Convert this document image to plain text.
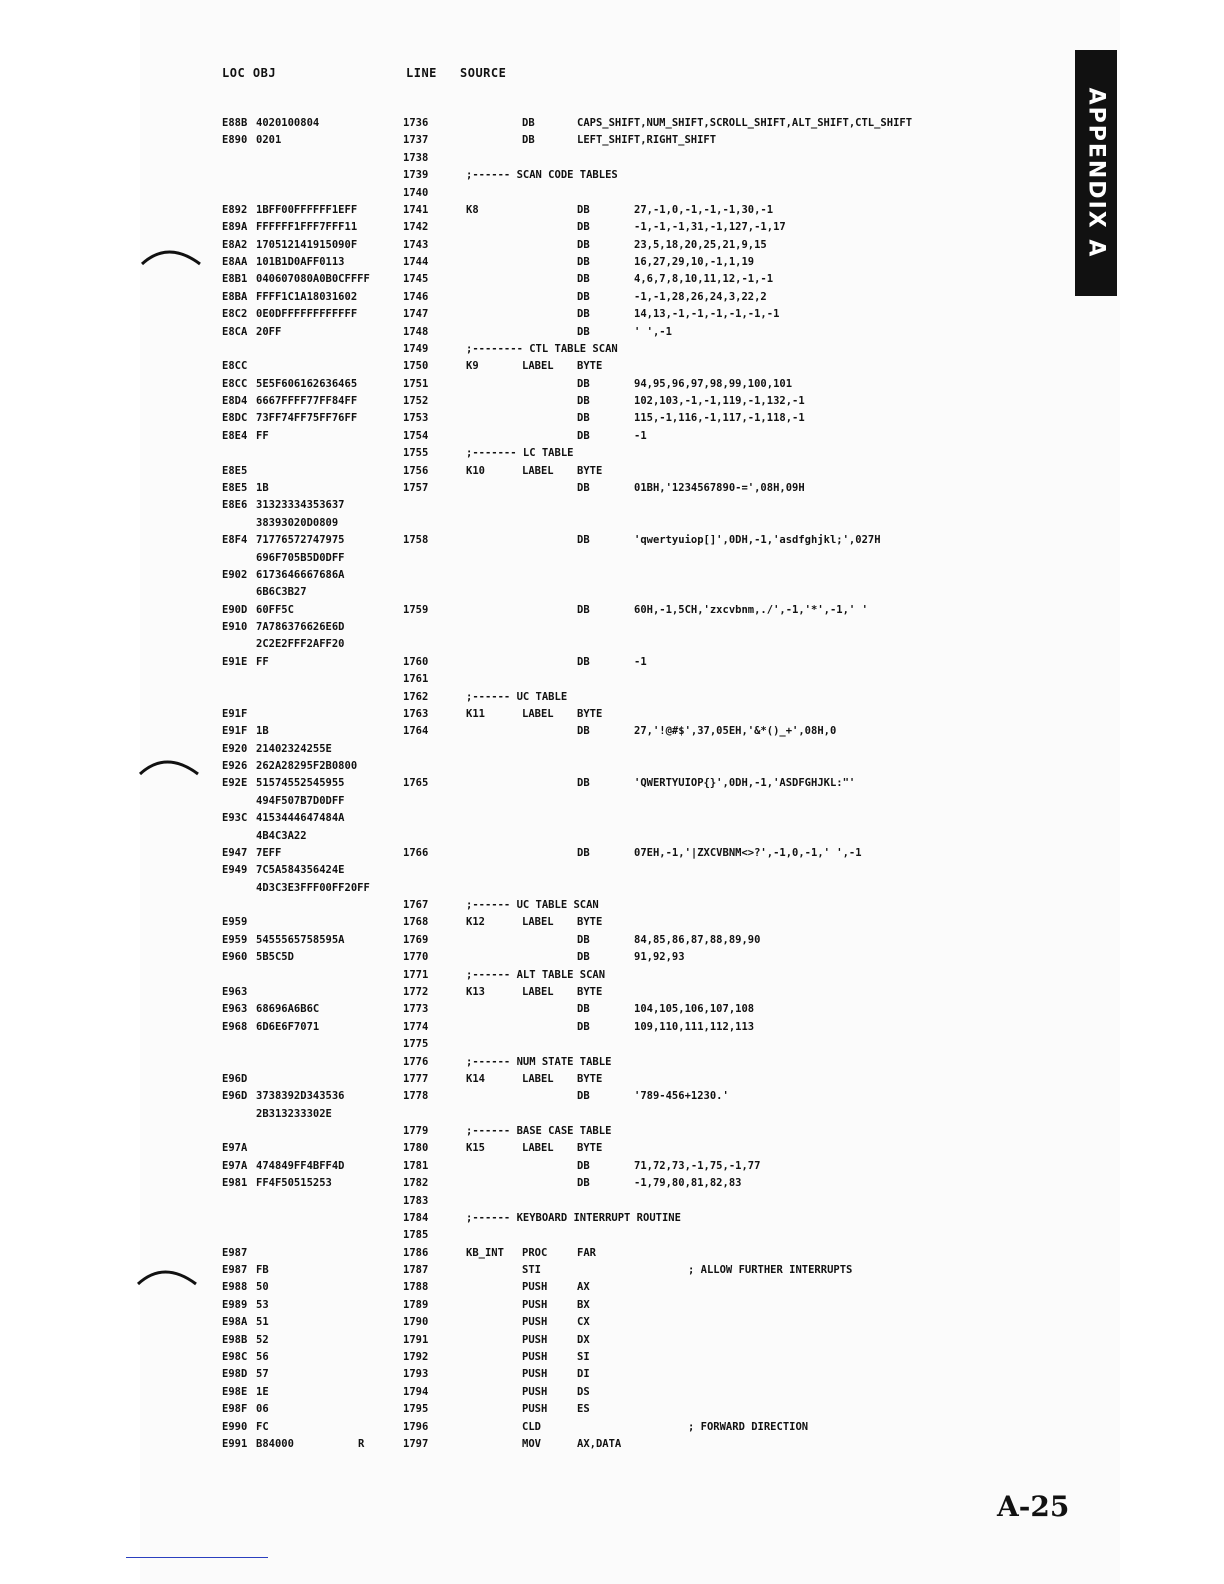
LOC OBJ	LINE SOURCE
APPENDIX A
E88B 4020100804	1736	DB	CAPS_SHIFT,NUM_SHIFT,SCROLL_SHIFT,ALT_SHIFT,CTL_SHIFT
E890 0201	1737	DB	LEFT_SHIFT,RIGHT_SHIFT
1738
1739	;------ SCAN CODE TABLES
1740
E892 1BFF00FFFFFF1EFF	1741	K8	DB	27,-1,0,-1,-1,-1,30,-1
E89A FFFFFF1FFF7FFF11	1742	DB	-1,-1,-1,31,-1,127,-1,17
E8A2 170512141915090F	1743	DB	23,5,18,20,25,21,9,15
E8AA 101B1D0AFF0113	1744	DB	16,27,29,10,-1,1,19
E8B1 040607080A0B0CFFFF	1745	DB	4,6,7,8,10,11,12,-1,-1
E8BA FFFF1C1A18031602	1746	DB	-1,-1,28,26,24,3,22,2
E8C2 0E0DFFFFFFFFFFFF	1747	DB	14,13,-1,-1,-1,-1,-1,-1
E8CA 20FF	1748	DB	' ',-1
1749	;-------- CTL TABLE SCAN
E8CC	1750	K9	LABEL BYTE
E8CC 5E5F606162636465	1751	DB	94,95,96,97,98,99,100,101
E8D4 6667FFFF77FF84FF	1752	DB	102,103,-1,-1,119,-1,132,-1
E8DC 73FF74FF75FF76FF	1753	DB	115,-1,116,-1,117,-1,118,-1
E8E4 FF	1754	DB	-1
1755	;------- LC TABLE
E8E5	1756	K10	LABEL BYTE
E8E5 1B	1757	DB	01BH,'1234567890-=',08H,09H
E8E6 31323334353637
38393020D0809
E8F4 71776572747975	1758	DB	'qwertyuiop[]',0DH,-1,'asdfghjkl;',027H
696F705B5D0DFF
E902 6173646667686A
6B6C3B27
E90D 60FF5C	1759	DB	60H,-1,5CH,'zxcvbnm,./',-1,'*',-1,' '
E910 7A786376626E6D
2C2E2FFF2AFF20
E91E FF	1760	DB	-1
1761
1762	;------ UC TABLE
E91F	1763	K11	LABEL BYTE
E91F 1B	1764	DB	27,'!@#$',37,05EH,'&*()_+',08H,0
E920 21402324255E
E926 262A28295F2B0800
E92E 51574552545955	1765	DB	'QWERTYUIOP{}',0DH,-1,'ASDFGHJKL:"'
494F507B7D0DFF
E93C 4153444647484A
4B4C3A22
E947 7EFF	1766	DB	07EH,-1,'|ZXCVBNM<>?',-1,0,-1,' ',-1
E949 7C5A584356424E
4D3C3E3FFF00FF20FF
1767	;------ UC TABLE SCAN
E959	1768	K12	LABEL BYTE
E959 5455565758595A	1769	DB	84,85,86,87,88,89,90
E960 5B5C5D	1770	DB	91,92,93
1771	;------ ALT TABLE SCAN
E963	1772	K13	LABEL BYTE
E963 68696A6B6C	1773	DB	104,105,106,107,108
E968 6D6E6F7071	1774	DB	109,110,111,112,113
1775
1776	;------ NUM STATE TABLE
E96D	1777	K14	LABEL BYTE
E96D 3738392D343536	1778	DB	'789-456+1230.'
2B313233302E
1779	;------ BASE CASE TABLE
E97A	1780	K15	LABEL BYTE
E97A 474849FF4BFF4D	1781	DB	71,72,73,-1,75,-1,77
E981 FF4F50515253	1782	DB	-1,79,80,81,82,83
1783
1784	;------ KEYBOARD INTERRUPT ROUTINE
1785
E987	1786	KB_INT PROC	FAR
E987 FB	1787	STI	; ALLOW FURTHER INTERRUPTS
E988 50	1788	PUSH	AX
E989 53	1789	PUSH	BX
E98A 51	1790	PUSH	CX
E98B 52	1791	PUSH	DX
E98C 56	1792	PUSH	SI
E98D 57	1793	PUSH	DI
E98E 1E	1794	PUSH	DS
E98F 06	1795	PUSH	ES
E990 FC	1796	CLD	; FORWARD DIRECTION
E991 B84000	R	1797	MOV	AX,DATA
A-25
